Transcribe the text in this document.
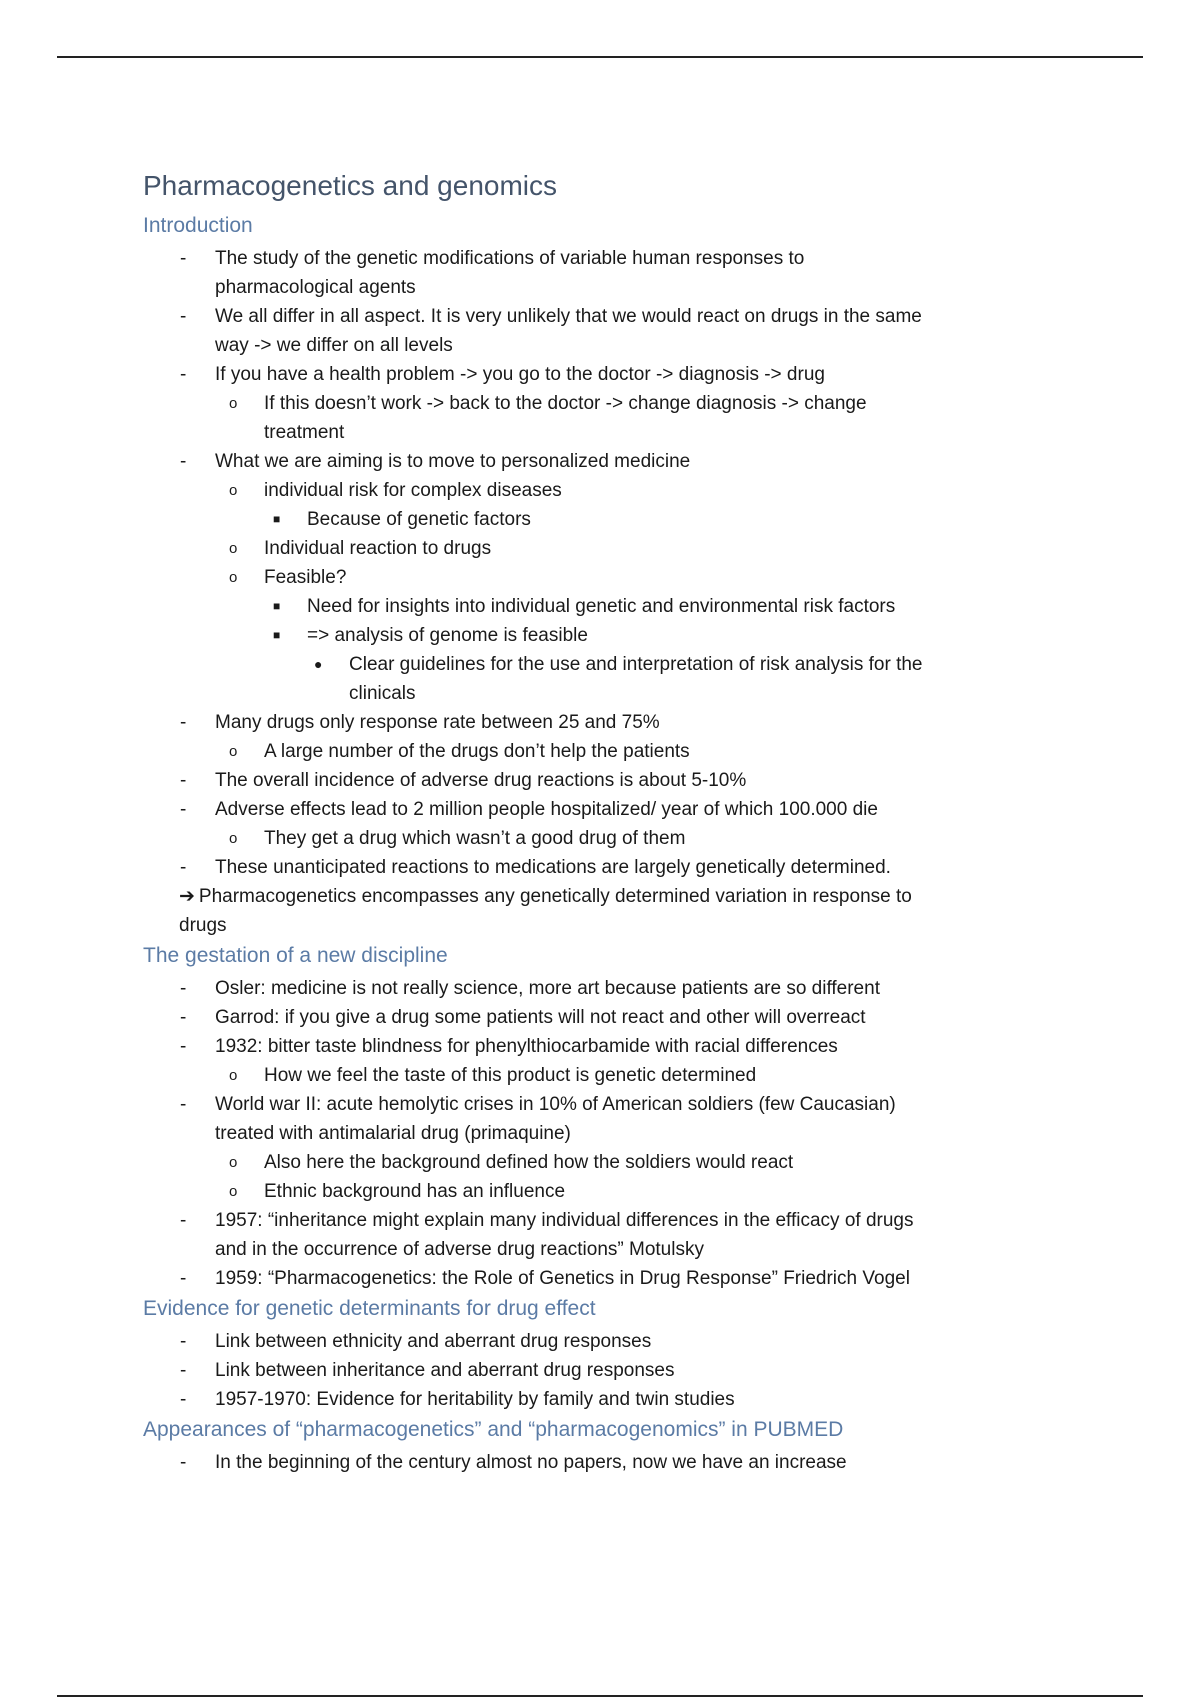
Pharmacogenetics and genomics
Introduction
- The study of the genetic modifications of variable human responses to
pharmacological agents
- We all differ in all aspect. It is very unlikely that we would react on drugs in the same
way -> we differ on all levels
- If you have a health problem -> you go to the doctor -> diagnosis -> drug
o If this doesn’t work -> back to the doctor -> change diagnosis -> change
treatment
- What we are aiming is to move to personalized medicine
o individual risk for complex diseases
■ Because of genetic factors
o Individual reaction to drugs
o Feasible?
■ Need for insights into individual genetic and environmental risk factors
■ => analysis of genome is feasible
● Clear guidelines for the use and interpretation of risk analysis for the
clinicals
- Many drugs only response rate between 25 and 75%
o A large number of the drugs don’t help the patients
- The overall incidence of adverse drug reactions is about 5-10%
- Adverse effects lead to 2 million people hospitalized/ year of which 100.000 die
o They get a drug which wasn’t a good drug of them
- These unanticipated reactions to medications are largely genetically determined.
➔ Pharmacogenetics encompasses any genetically determined variation in response to
drugs
The gestation of a new discipline
- Osler: medicine is not really science, more art because patients are so different
- Garrod: if you give a drug some patients will not react and other will overreact
- 1932: bitter taste blindness for phenylthiocarbamide with racial differences
o How we feel the taste of this product is genetic determined
- World war II: acute hemolytic crises in 10% of American soldiers (few Caucasian)
treated with antimalarial drug (primaquine)
o Also here the background defined how the soldiers would react
o Ethnic background has an influence
- 1957: “inheritance might explain many individual differences in the efficacy of drugs
and in the occurrence of adverse drug reactions” Motulsky
- 1959: “Pharmacogenetics: the Role of Genetics in Drug Response” Friedrich Vogel
Evidence for genetic determinants for drug effect
- Link between ethnicity and aberrant drug responses
- Link between inheritance and aberrant drug responses
- 1957-1970: Evidence for heritability by family and twin studies
Appearances of “pharmacogenetics” and “pharmacogenomics” in PUBMED
- In the beginning of the century almost no papers, now we have an increase
